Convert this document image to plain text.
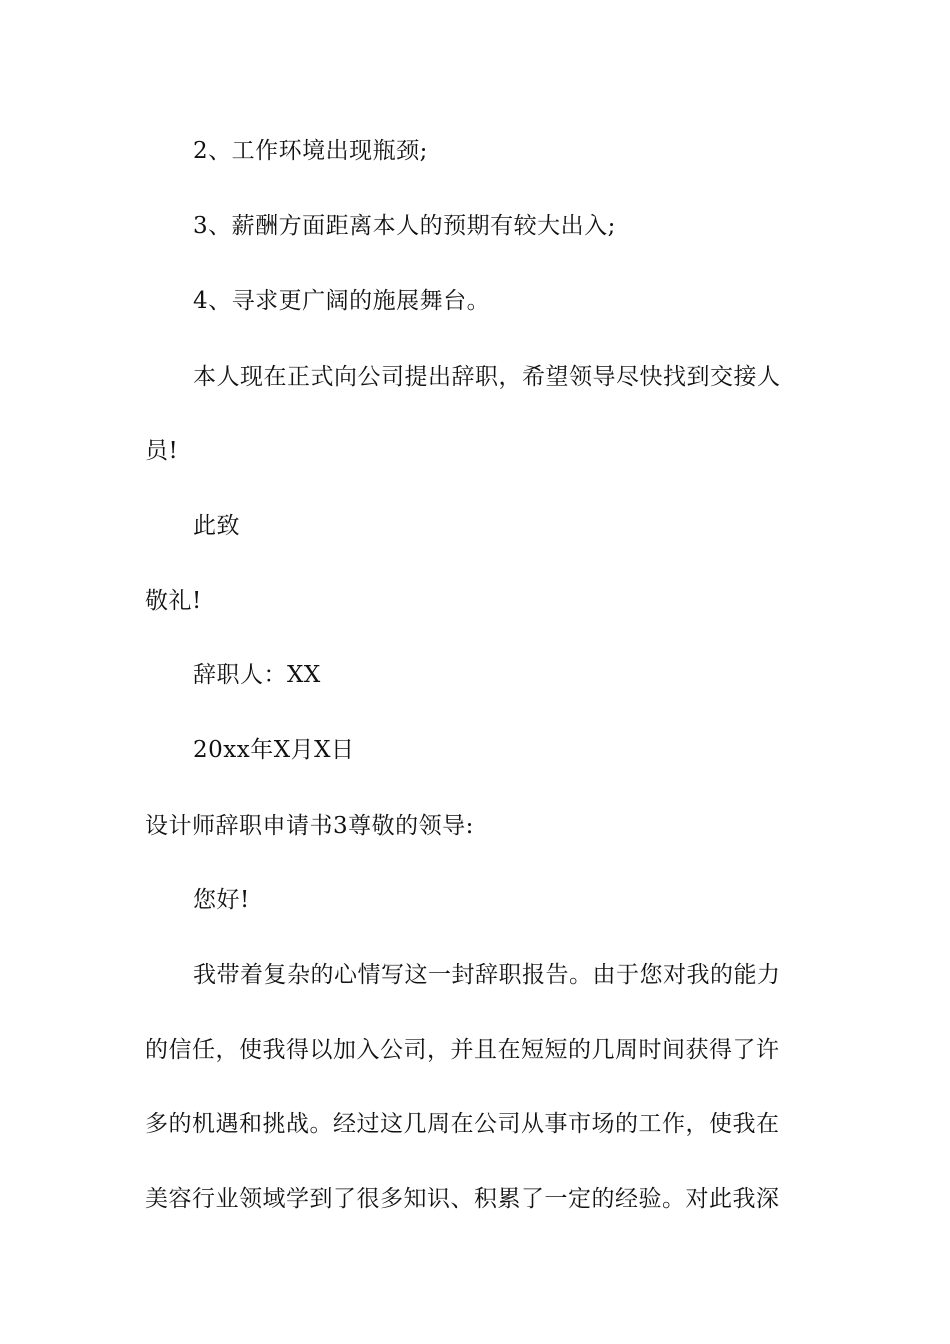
2、工作环境出现瓶颈;
3、薪酬方面距离本人的预期有较大出入;
4、寻求更广阔的施展舞台。
本人现在正式向公司提出辞职，希望领导尽快找到交接人
员!
此致
敬礼!
辞职人：XX
20xx年X月X日
设计师辞职申请书3尊敬的领导:
您好!
我带着复杂的心情写这一封辞职报告。由于您对我的能力
的信任，使我得以加入公司，并且在短短的几周时间获得了许
多的机遇和挑战。经过这几周在公司从事市场的工作，使我在
美容行业领域学到了很多知识、积累了一定的经验。对此我深
